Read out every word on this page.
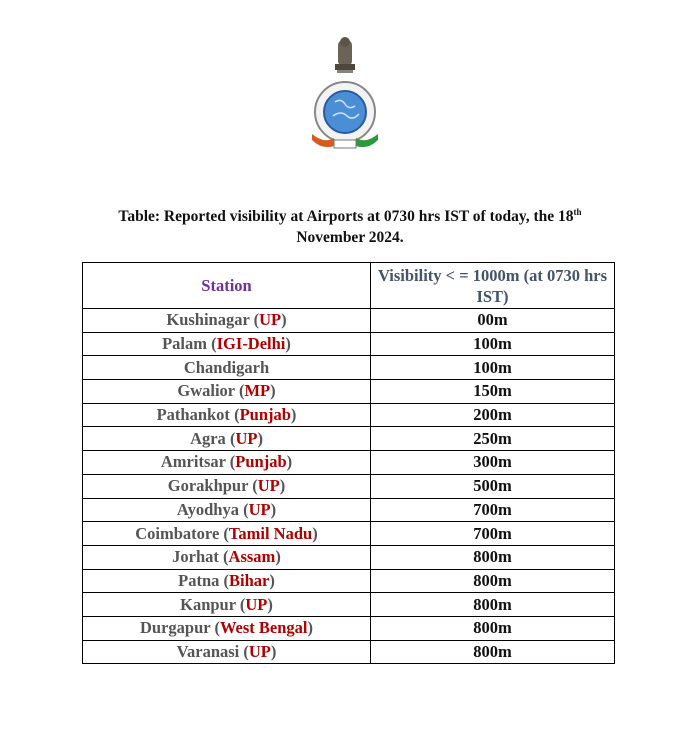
Table: Reported visibility at Airports at 0730 hrs IST of today, the 18th
November 2024.
Station	Visibility < = 1000m (at 0730 hrs IST)
Kushinagar (UP)	00m
Palam (IGI-Delhi)	100m
Chandigarh	100m
Gwalior (MP)	150m
Pathankot (Punjab)	200m
Agra (UP)	250m
Amritsar (Punjab)	300m
Gorakhpur (UP)	500m
Ayodhya (UP)	700m
Coimbatore (Tamil Nadu)	700m
Jorhat (Assam)	800m
Patna (Bihar)	800m
Kanpur (UP)	800m
Durgapur (West Bengal)	800m
Varanasi (UP)	800m
